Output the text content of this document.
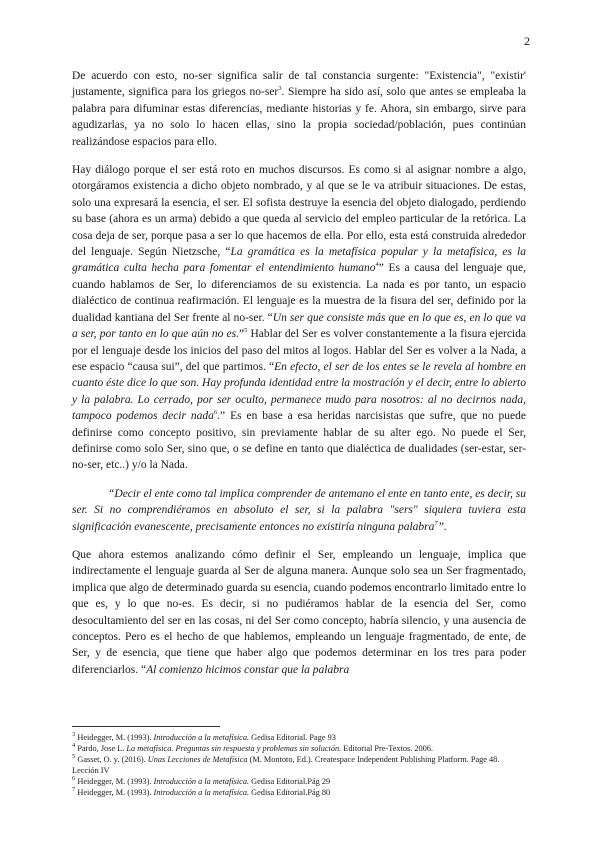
2

De acuerdo con esto, no-ser significa salir de tal constancia surgente: "Existencia", "existir' justamente, significa para los griegos no-ser$^3$. Siempre ha sido así, solo que antes se empleaba la palabra para difuminar estas diferencias, mediante historias y fe. Ahora, sin embargo, sirve para agudizarlas, ya no solo lo hacen ellas, sino la propia sociedad/población, pues continúan realizándose espacios para ello.

Hay diálogo porque el ser está roto en muchos discursos. Es como si al asignar nombre a algo, otorgáramos existencia a dicho objeto nombrado, y al que se le va atribuir situaciones. De estas, solo una expresará la esencia, el ser. El sofista destruye la esencia del objeto dialogado, perdiendo su base (ahora es un arma) debido a que queda al servicio del empleo particular de la retórica. La cosa deja de ser, porque pasa a ser lo que hacemos de ella. Por ello, esta está construida alrededor del lenguaje. Según Nietzsche, “La gramática es la metafísica popular y la metafísica, es la gramática culta hecha para fomentar el entendimiento humano$^4$” Es a causa del lenguaje que, cuando hablamos de Ser, lo diferenciamos de su existencia. La nada es por tanto, un espacio dialéctico de continua reafirmación. El lenguaje es la muestra de la fisura del ser, definido por la dualidad kantiana del Ser frente al no-ser. “Un ser que consiste más que en lo que es, en lo que va a ser, por tanto en lo que aún no es.”$^5$ Hablar del Ser es volver constantemente a la fisura ejercida por el lenguaje desde los inicios del paso del mitos al logos. Hablar del Ser es volver a la Nada, a ese espacio “causa sui”, del que partimos. “En efecto, el ser de los entes se le revela al hombre en cuanto éste dice lo que son. Hay profunda identidad entre la mostración y el decir, entre lo abierto y la palabra. Lo cerrado, por ser oculto, permanece mudo para nosotros: al no decirnos nada, tampoco podemos decir nada$^6$.” Es en base a esa heridas narcisistas que sufre, que no puede definirse como concepto positivo, sin previamente hablar de su alter ego. No puede el Ser, definirse como solo Ser, sino que, o se define en tanto que dialéctica de dualidades (ser-estar, ser-no-ser, etc..) y/o la Nada.

“Decir el ente como tal implica comprender de antemano el ente en tanto ente, es decir, su ser. Si no comprendiéramos en absoluto el ser, si la palabra "sers" siquiera tuviera esta significación evanescente, precisamente entonces no existiría ninguna palabra$^7$”.

Que ahora estemos analizando cómo definir el Ser, empleando un lenguaje, implica que indirectamente el lenguaje guarda al Ser de alguna manera. Aunque solo sea un Ser fragmentado, implica que algo de determinado guarda su esencia, cuando podemos encontrarlo limitado entre lo que es, y lo que no-es. Es decir, si no pudiéramos hablar de la esencia del Ser, como desocultamiento del ser en las cosas, ni del Ser como concepto, habría silencio, y una ausencia de conceptos. Pero es el hecho de que hablemos, empleando un lenguaje fragmentado, de ente, de Ser, y de esencia, que tiene que haber algo que podemos determinar en los tres para poder diferenciarlos. “Al comienzo hicimos constar que la palabra

$^3$ Heidegger, M. (1993). Introducción a la metafísica. Gedisa Editorial. Page 93

$^4$ Pardo, Jose L. La metafísica. Preguntas sin respuesta y problemas sin solución. Editorial Pre-Textos. 2006.

$^5$ Gasset, O. y. (2016). Unas Lecciones de Metafísica (M. Montoto, Ed.). Createspace Independent Publishing Platform. Page 48. Lección IV

$^6$ Heidegger, M. (1993). Introducción a la metafísica. Gedisa Editorial.Pág 29

$^7$ Heidegger, M. (1993). Introducción a la metafísica. Gedisa Editorial.Pág 80
